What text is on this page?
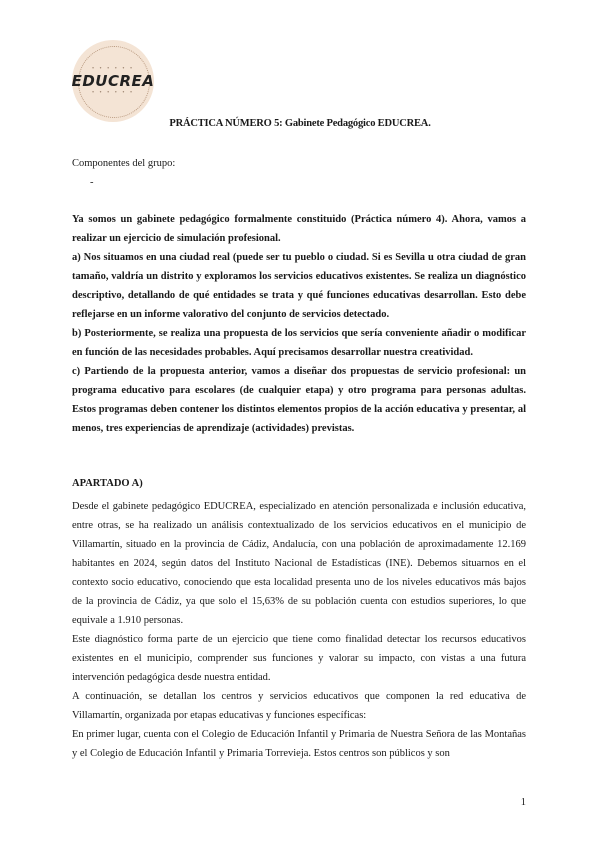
• • • • • •
EDUCREA
• • • • • •
PRÁCTICA NÚMERO 5: Gabinete Pedagógico EDUCREA.
Componentes del grupo:
-

Ya somos un gabinete pedagógico formalmente constituido (Práctica número 4). Ahora, vamos a realizar un ejercicio de simulación profesional.

a) Nos situamos en una ciudad real (puede ser tu pueblo o ciudad. Si es Sevilla u otra ciudad de gran tamaño, valdría un distrito y exploramos los servicios educativos existentes. Se realiza un diagnóstico descriptivo, detallando de qué entidades se trata y qué funciones educativas desarrollan. Esto debe reflejarse en un informe valorativo del conjunto de servicios detectado.

b) Posteriormente, se realiza una propuesta de los servicios que sería conveniente añadir o modificar en función de las necesidades probables. Aquí precisamos desarrollar nuestra creatividad.

c) Partiendo de la propuesta anterior, vamos a diseñar dos propuestas de servicio profesional: un programa educativo para escolares (de cualquier etapa) y otro programa para personas adultas. Estos programas deben contener los distintos elementos propios de la acción educativa y presentar, al menos, tres experiencias de aprendizaje (actividades) previstas.

APARTADO A)

Desde el gabinete pedagógico EDUCREA, especializado en atención personalizada e inclusión educativa, entre otras, se ha realizado un análisis contextualizado de los servicios educativos en el municipio de Villamartín, situado en la provincia de Cádiz, Andalucía, con una población de aproximadamente 12.169 habitantes en 2024, según datos del Instituto Nacional de Estadísticas (INE). Debemos situarnos en el contexto socio educativo, conociendo que esta localidad presenta uno de los niveles educativos más bajos de la provincia de Cádiz, ya que solo el 15,63% de su población cuenta con estudios superiores, lo que equivale a 1.910 personas.

Este diagnóstico forma parte de un ejercicio que tiene como finalidad detectar los recursos educativos existentes en el municipio, comprender sus funciones y valorar su impacto, con vistas a una futura intervención pedagógica desde nuestra entidad.

A continuación, se detallan los centros y servicios educativos que componen la red educativa de Villamartín, organizada por etapas educativas y funciones específicas:

En primer lugar, cuenta con el Colegio de Educación Infantil y Primaria de Nuestra Señora de las Montañas y el Colegio de Educación Infantil y Primaria Torrevieja. Estos centros son públicos y son

1
